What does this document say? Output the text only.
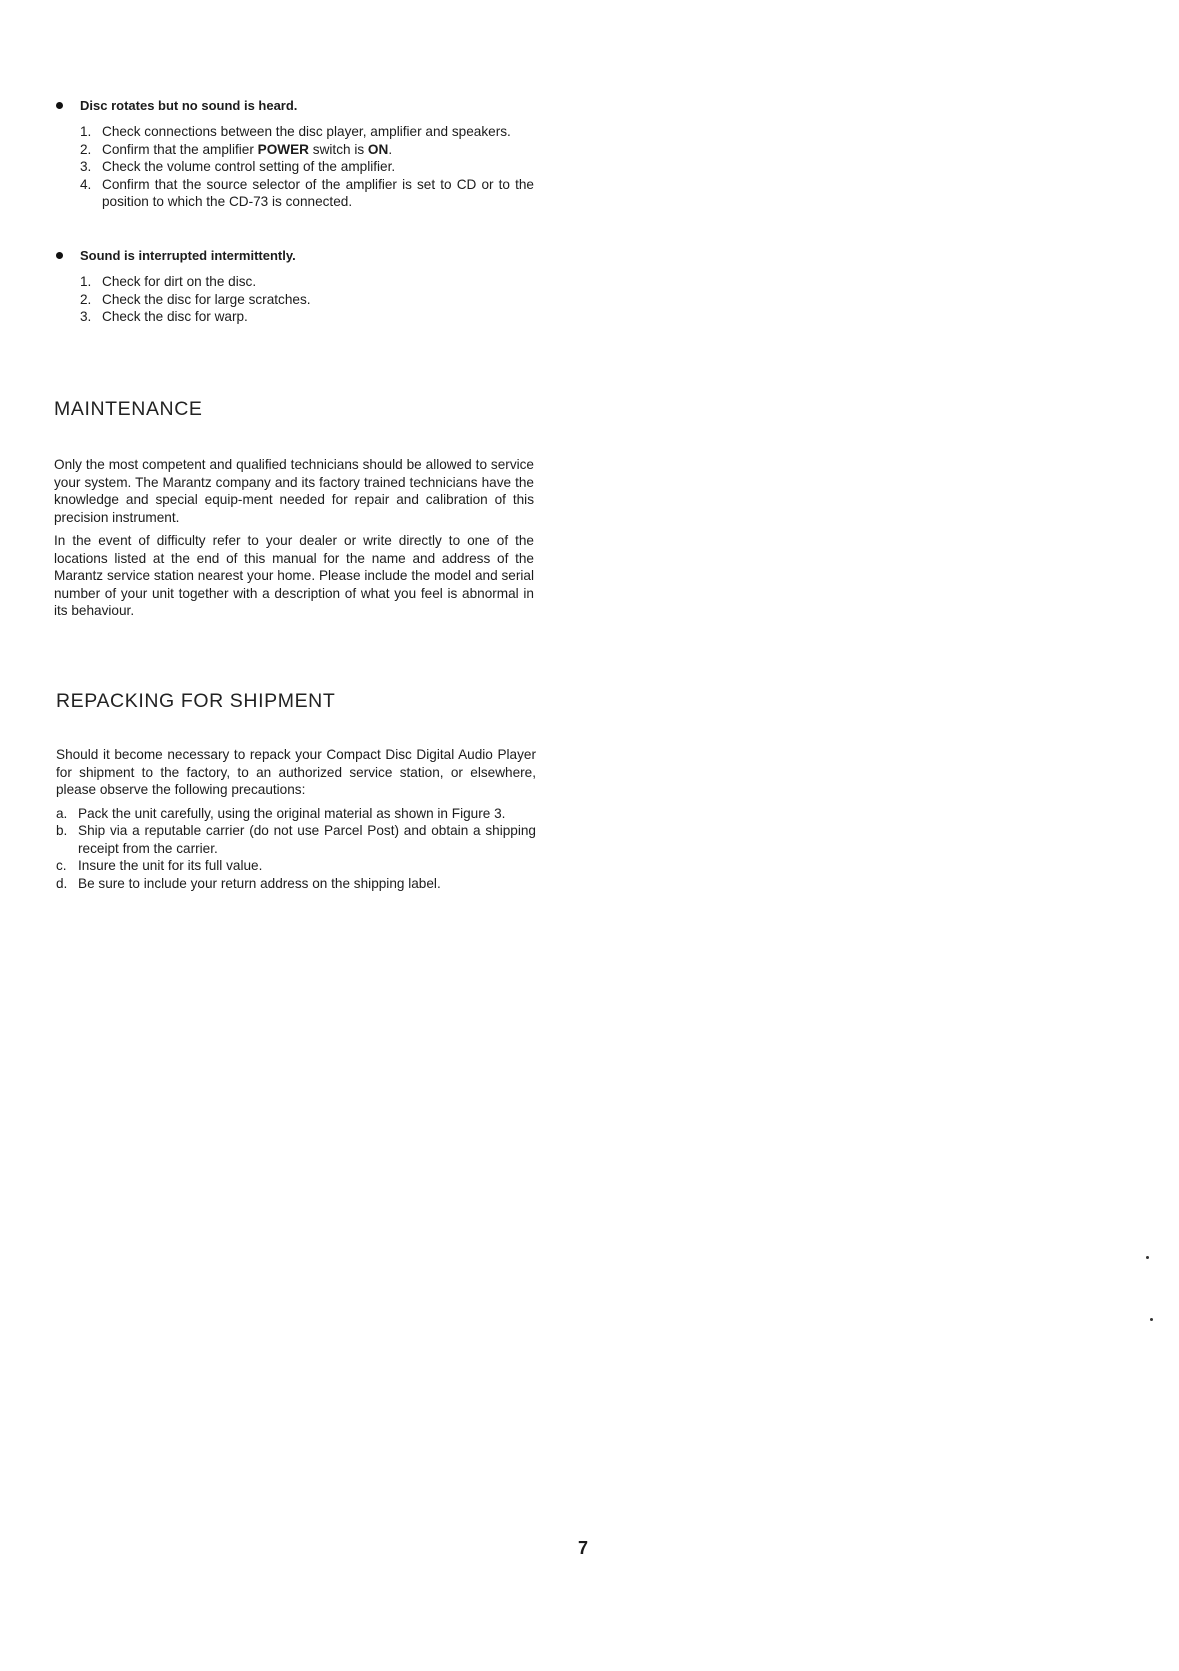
Disc rotates but no sound is heard.
1. Check connections between the disc player, amplifier and speakers.
2. Confirm that the amplifier POWER switch is ON.
3. Check the volume control setting of the amplifier.
4. Confirm that the source selector of the amplifier is set to CD or to the position to which the CD-73 is connected.
Sound is interrupted intermittently.
1. Check for dirt on the disc.
2. Check the disc for large scratches.
3. Check the disc for warp.
MAINTENANCE

Only the most competent and qualified technicians should be allowed to service your system. The Marantz company and its factory trained technicians have the knowledge and special equip-ment needed for repair and calibration of this precision instrument.

In the event of difficulty refer to your dealer or write directly to one of the locations listed at the end of this manual for the name and address of the Marantz service station nearest your home. Please include the model and serial number of your unit together with a description of what you feel is abnormal in its behaviour.

REPACKING FOR SHIPMENT

Should it become necessary to repack your Compact Disc Digital Audio Player for shipment to the factory, to an authorized service station, or elsewhere, please observe the following precautions:

a. Pack the unit carefully, using the original material as shown in Figure 3.
b. Ship via a reputable carrier (do not use Parcel Post) and obtain a shipping receipt from the carrier.
c. Insure the unit for its full value.
d. Be sure to include your return address on the shipping label.
7
